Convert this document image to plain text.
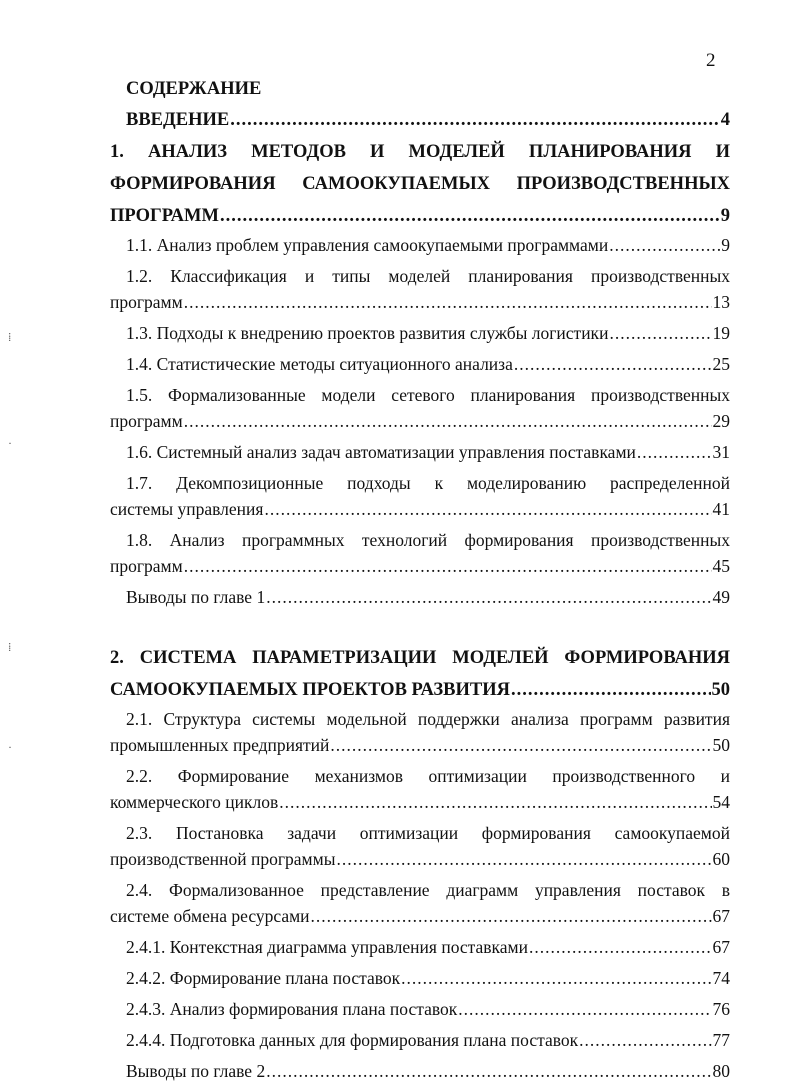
2
СОДЕРЖАНИЕ
ВВЕДЕНИЕ .....	4
1. АНАЛИЗ МЕТОДОВ И МОДЕЛЕЙ ПЛАНИРОВАНИЯ И
ФОРМИРОВАНИЯ САМООКУПАЕМЫХ ПРОИЗВОДСТВЕННЫХ
ПРОГРАММ .....	9
1.1. Анализ проблем управления самоокупаемыми программами .....	9
1.2. Классификация и типы моделей планирования производственных
программ .....	13
1.3. Подходы к внедрению проектов развития службы логистики .....	19
1.4. Статистические методы ситуационного анализа .....	25
1.5. Формализованные модели сетевого планирования производственных
программ .....	29
1.6. Системный анализ задач автоматизации управления поставками .....	31
1.7. Декомпозиционные подходы к моделированию распределенной
системы управления .....	41
1.8. Анализ программных технологий формирования производственных
программ .....	45
Выводы по главе 1 .....	49
2. СИСТЕМА ПАРАМЕТРИЗАЦИИ МОДЕЛЕЙ ФОРМИРОВАНИЯ
САМООКУПАЕМЫХ ПРОЕКТОВ РАЗВИТИЯ .....	50
2.1. Структура системы модельной поддержки анализа программ развития
промышленных предприятий .....	50
2.2. Формирование механизмов оптимизации производственного и
коммерческого циклов .....	54
2.3. Постановка задачи оптимизации формирования самоокупаемой
производственной программы .....	60
2.4. Формализованное представление диаграмм управления поставок в
системе обмена ресурсами .....	67
2.4.1. Контекстная диаграмма управления поставками .....	67
2.4.2. Формирование плана поставок .....	74
2.4.3. Анализ формирования плана поставок .....	76
2.4.4. Подготовка данных для формирования плана поставок .....	77
Выводы по главе 2 .....	80
⁞
·
⁞
·
